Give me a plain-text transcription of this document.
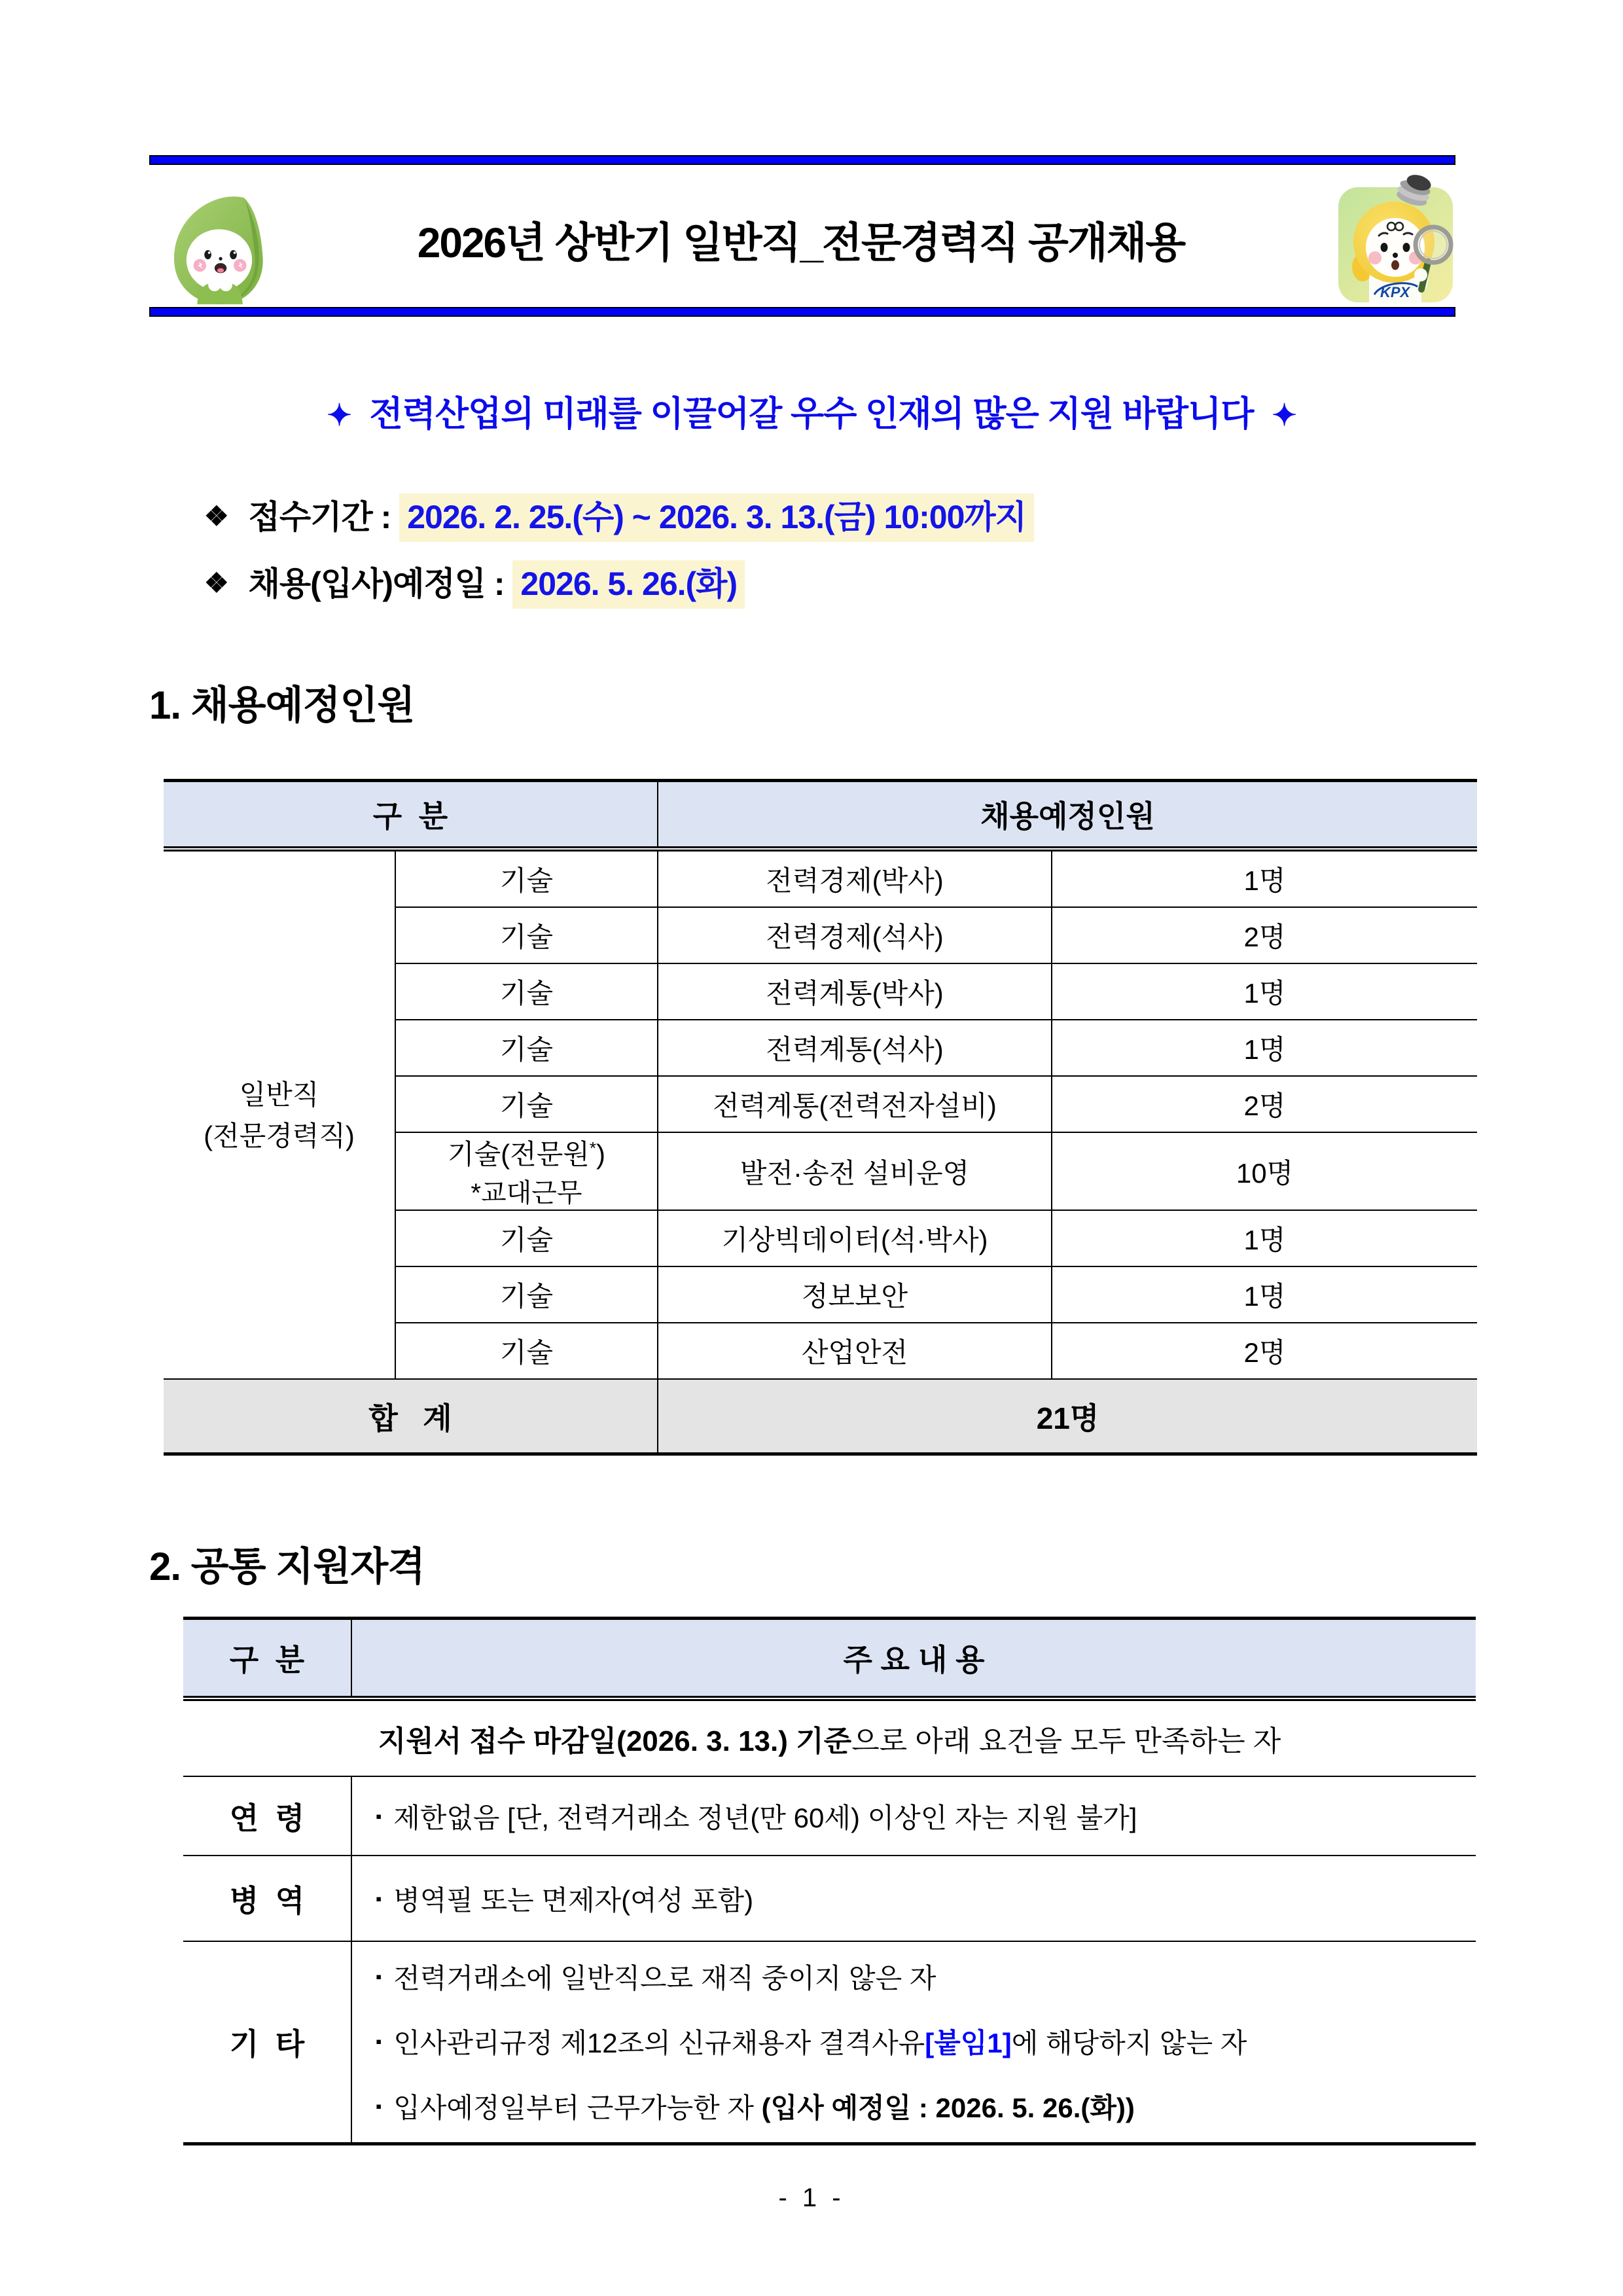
2026년 상반기 일반직_전문경력직 공개채용
KPX
✦ 전력산업의 미래를 이끌어갈 우수 인재의 많은 지원 바랍니다 ✦
❖ 접수기간 : 2026. 2. 25.(수) ~ 2026. 3. 13.(금) 10:00까지
❖ 채용(입사)예정일 : 2026. 5. 26.(화)
1. 채용예정인원
구  분		채용예정인원	
일반직
(전문경력직)	기술	전력경제(박사)	1명
	기술	전력경제(석사)	2명
	기술	전력계통(박사)	1명
	기술	전력계통(석사)	1명
	기술	전력계통(전력전자설비)	2명
	기술(전문원*)
*교대근무	발전·송전 설비운영	10명
	기술	기상빅데이터(석·박사)	1명
	기술	정보보안	1명
	기술	산업안전	2명
합   계		21명	
2. 공통 지원자격
구  분	주 요 내 용
지원서 접수 마감일(2026. 3. 13.) 기준으로 아래 요건을 모두 만족하는 자	
연  령	▪ 제한없음 [단, 전력거래소 정년(만 60세) 이상인 자는 지원 불가]
병  역	▪ 병역필 또는 면제자(여성 포함)
기  타	▪ 전력거래소에 일반직으로 재직 중이지 않은 자
▪ 인사관리규정 제12조의 신규채용자 결격사유[붙임1]에 해당하지 않는 자
▪ 입사예정일부터 근무가능한 자 (입사 예정일 : 2026. 5. 26.(화))
- 1 -
